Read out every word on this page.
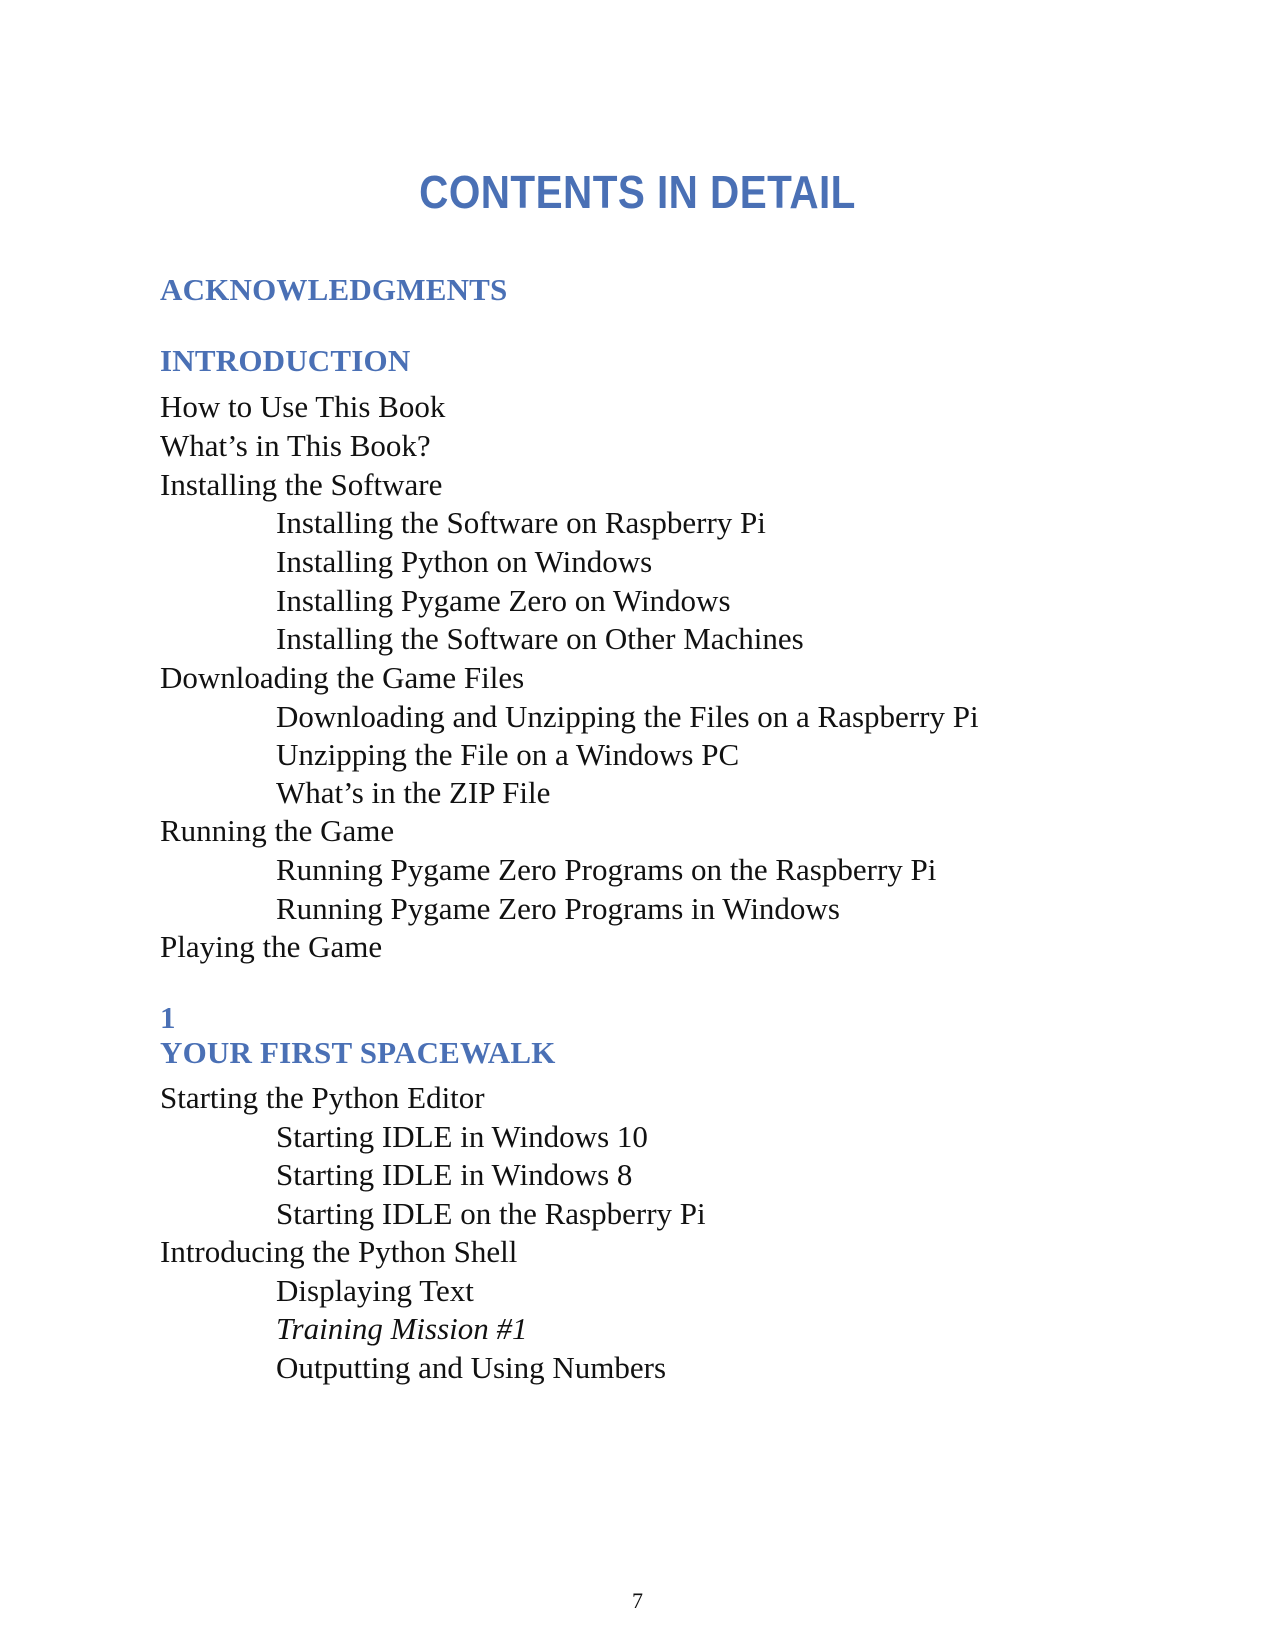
CONTENTS IN DETAIL
ACKNOWLEDGMENTS
INTRODUCTION
How to Use This Book
What’s in This Book?
Installing the Software
Installing the Software on Raspberry Pi
Installing Python on Windows
Installing Pygame Zero on Windows
Installing the Software on Other Machines
Downloading the Game Files
Downloading and Unzipping the Files on a Raspberry Pi
Unzipping the File on a Windows PC
What’s in the ZIP File
Running the Game
Running Pygame Zero Programs on the Raspberry Pi
Running Pygame Zero Programs in Windows
Playing the Game
1
YOUR FIRST SPACEWALK
Starting the Python Editor
Starting IDLE in Windows 10
Starting IDLE in Windows 8
Starting IDLE on the Raspberry Pi
Introducing the Python Shell
Displaying Text
Training Mission #1
Outputting and Using Numbers
7
